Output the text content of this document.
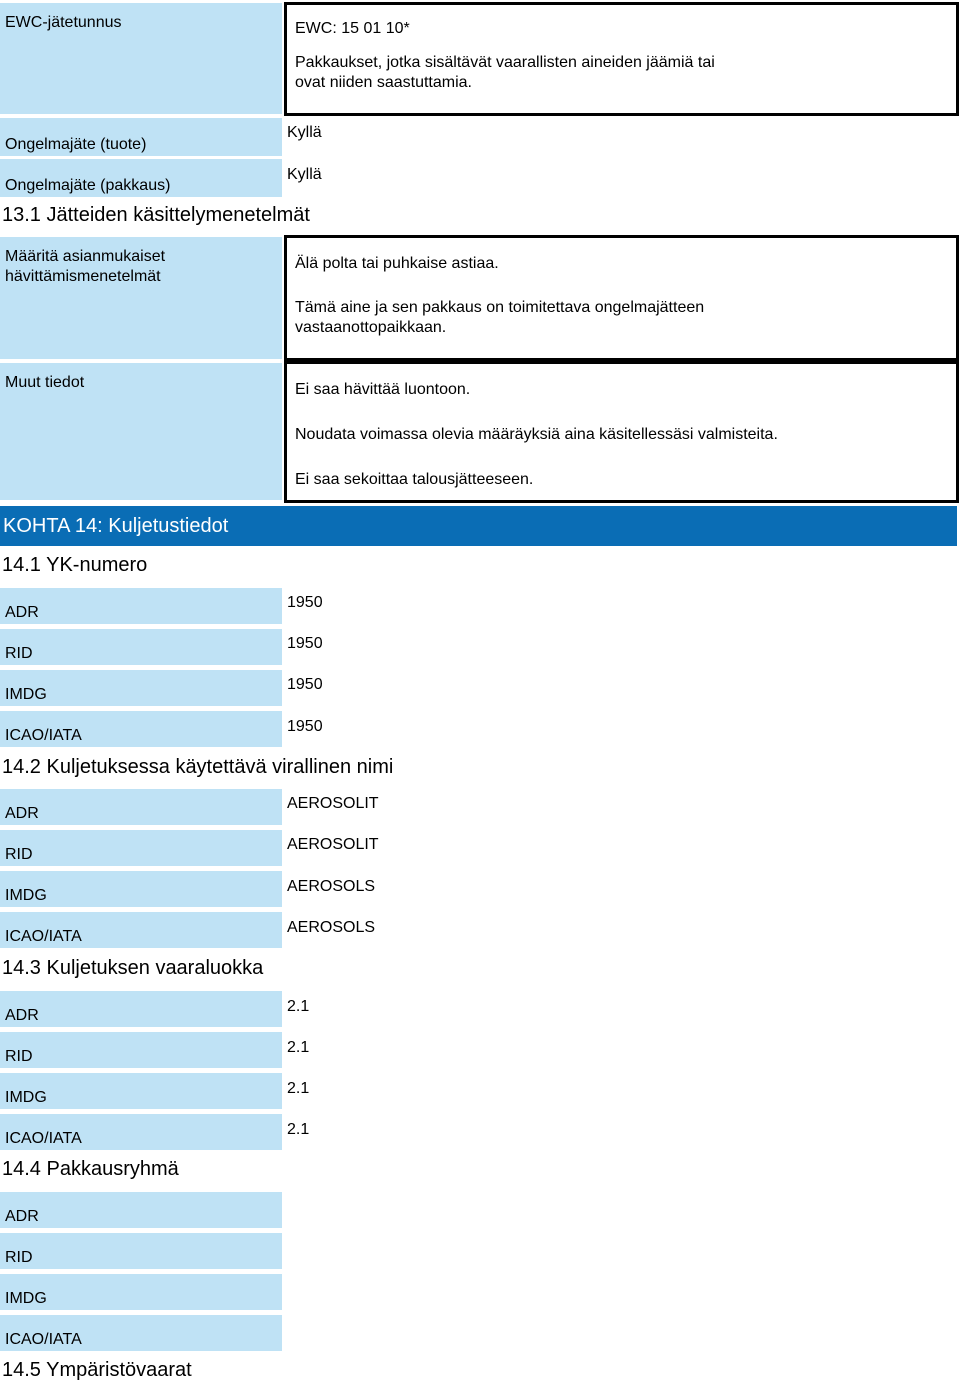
EWC-jätetunnus	EWC: 15 01 10*

Pakkaukset, jotka sisältävät vaarallisten aineiden jäämiä tai ovat niiden saastuttamia.

Ongelmajäte (tuote)
Kyllä
Ongelmajäte (pakkaus)
Kyllä
13.1 Jätteiden käsittelymenetelmät
Määritä asianmukaiset hävittämismenetelmät

Älä polta tai puhkaise astiaa.

Tämä aine ja sen pakkaus on toimitettava ongelmajätteen vastaanottopaikkaan.

Muut tiedot	Ei saa hävittää luontoon.

Noudata voimassa olevia määräyksiä aina käsitellessäsi valmisteita.

Ei saa sekoittaa talousjätteeseen.

KOHTA 14: Kuljetustiedot
14.1 YK-numero
ADR
1950
RID
1950
IMDG
1950
ICAO/IATA
1950
14.2 Kuljetuksessa käytettävä virallinen nimi
ADR
AEROSOLIT
RID
AEROSOLIT
IMDG
AEROSOLS
ICAO/IATA
AEROSOLS
14.3 Kuljetuksen vaaraluokka
ADR
2.1
RID
2.1
IMDG
2.1
ICAO/IATA
2.1
14.4 Pakkausryhmä
ADR
RID
IMDG
ICAO/IATA
14.5 Ympäristövaarat
